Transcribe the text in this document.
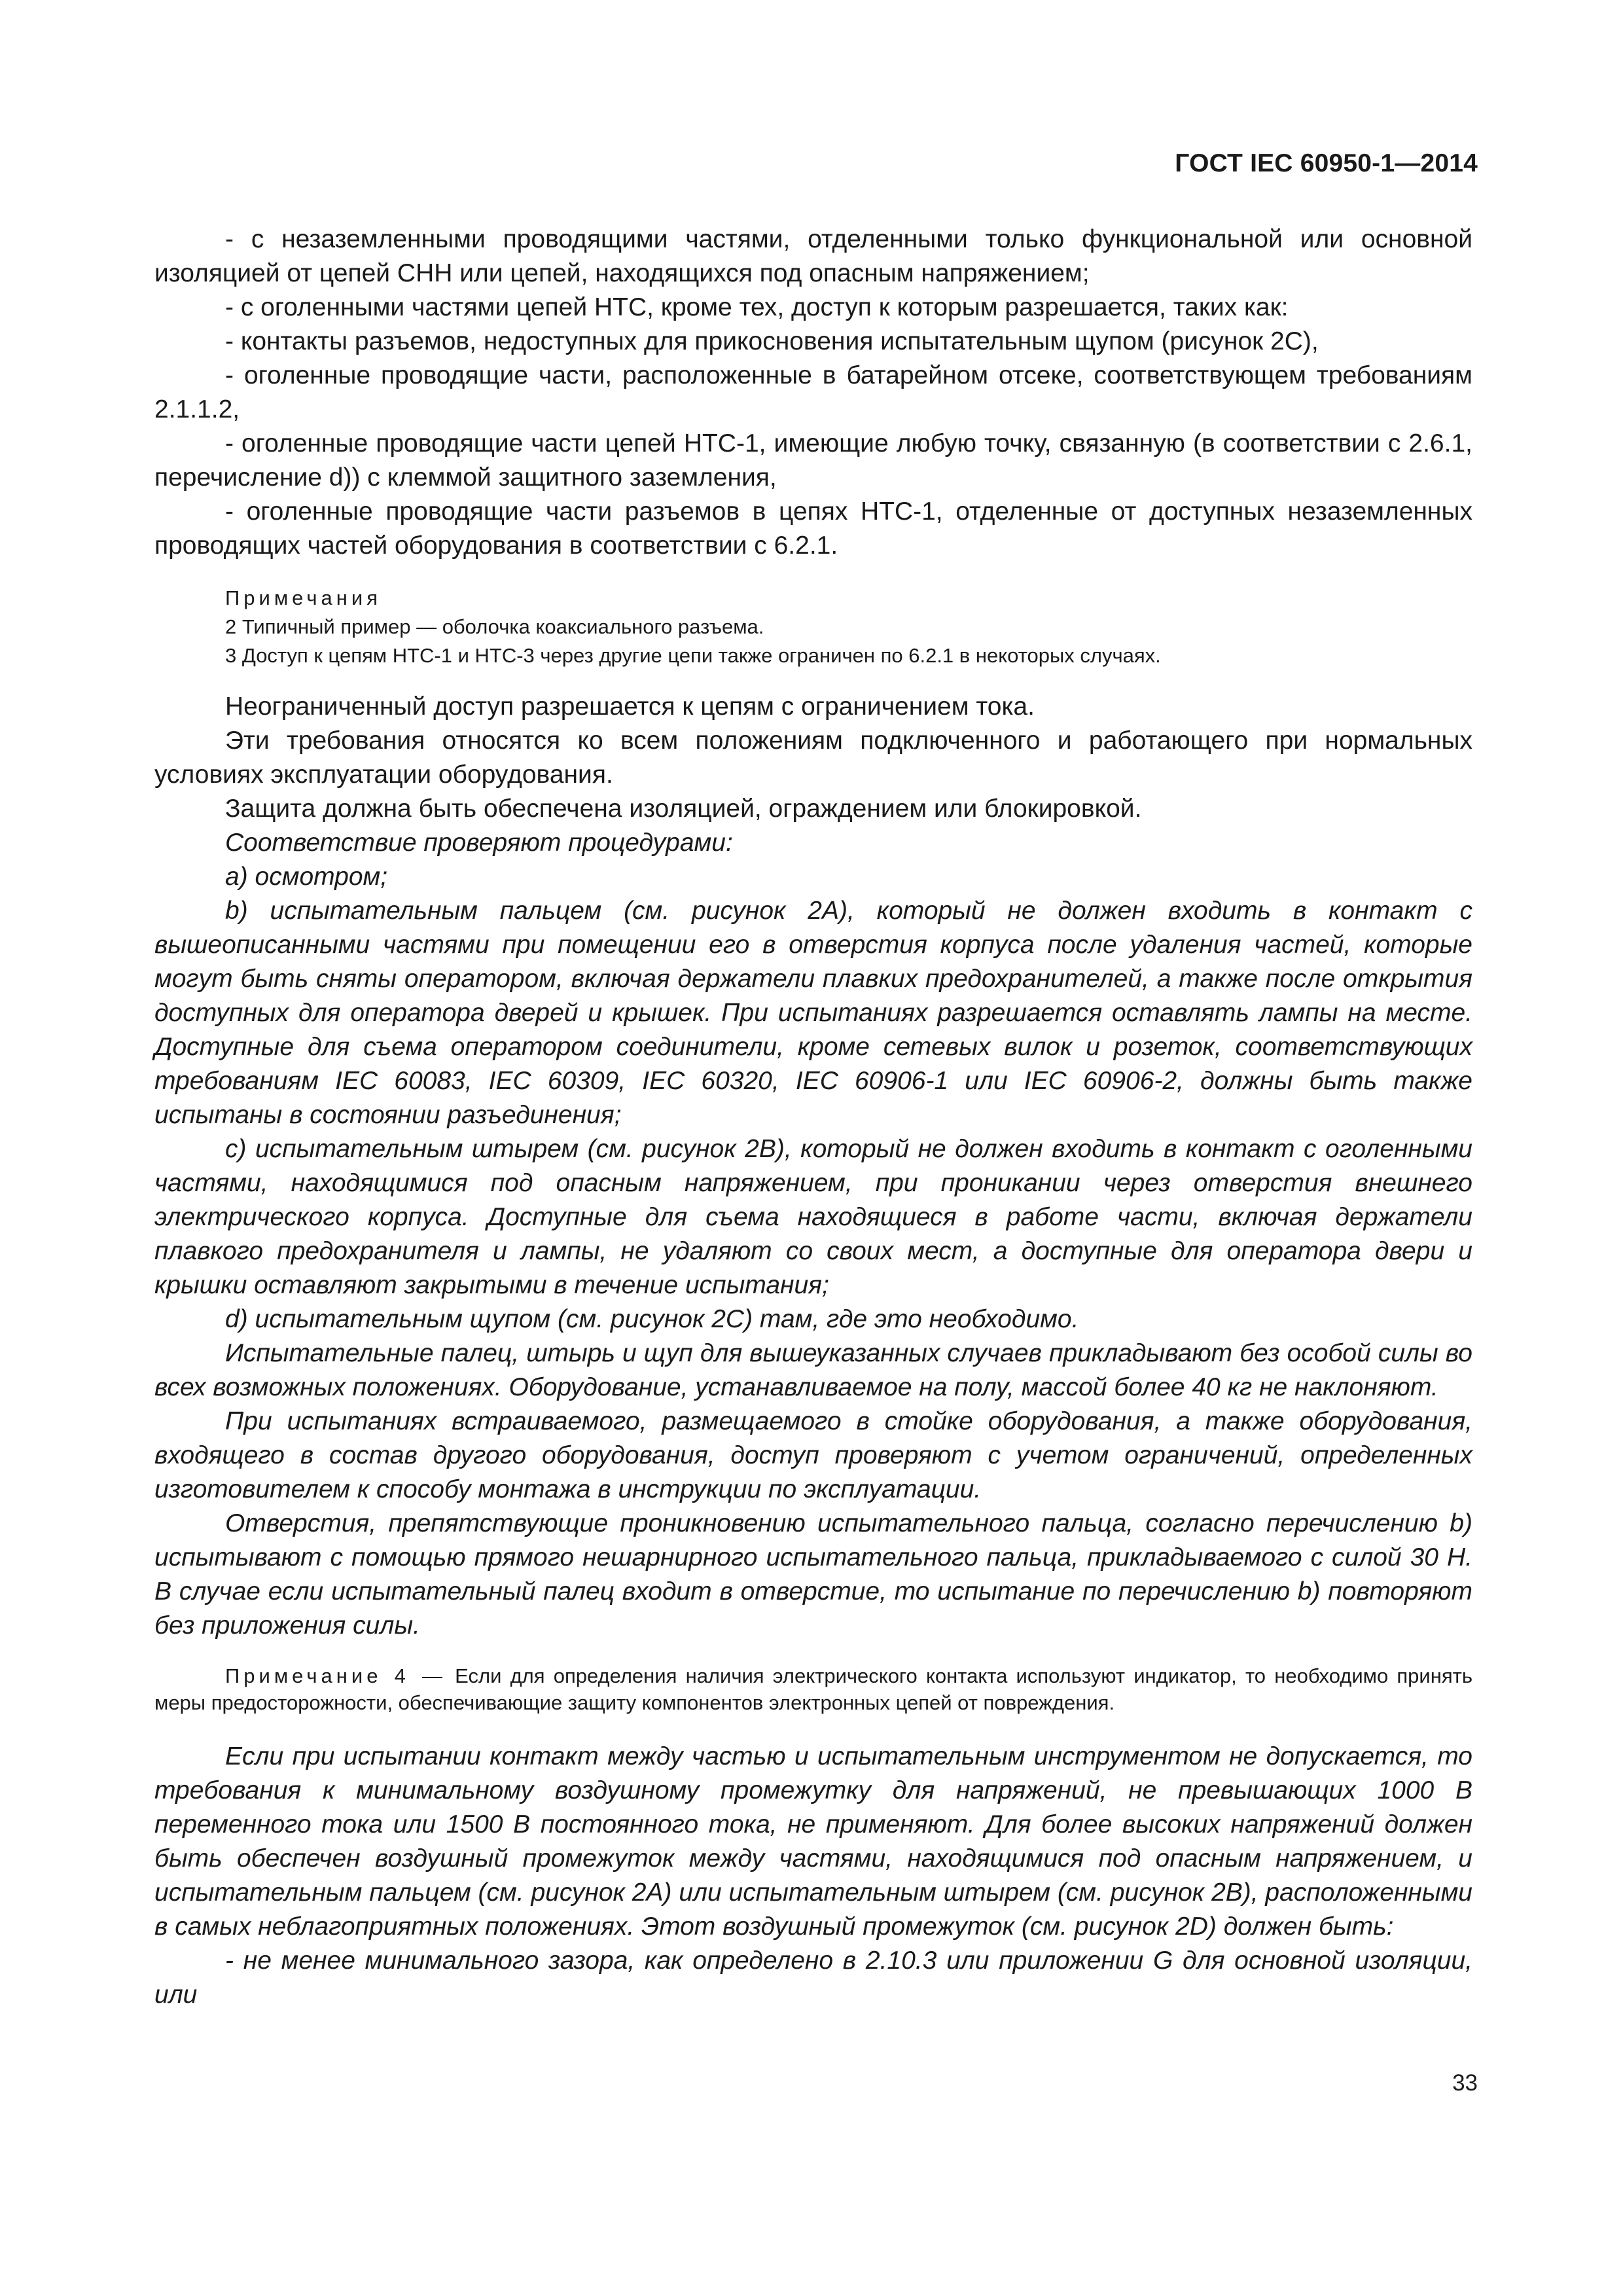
ГОСТ IEC 60950-1—2014

- с незаземленными проводящими частями, отделенными только функциональной или основной изоляцией от цепей СНН или цепей, находящихся под опасным напряжением;

- с оголенными частями цепей НТС, кроме тех, доступ к которым разрешается, таких как:

- контакты разъемов, недоступных для прикосновения испытательным щупом (рисунок 2С),

- оголенные проводящие части, расположенные в батарейном отсеке, соответствующем требованиям 2.1.1.2,

- оголенные проводящие части цепей НТС-1, имеющие любую точку, связанную (в соответствии с 2.6.1, перечисление d)) с клеммой защитного заземления,

- оголенные проводящие части разъемов в цепях НТС-1, отделенные от доступных незаземленных проводящих частей оборудования в соответствии с 6.2.1.

Примечания

2 Типичный пример — оболочка коаксиального разъема.

3 Доступ к цепям НТС-1 и НТС-3 через другие цепи также ограничен по 6.2.1 в некоторых случаях.

Неограниченный доступ разрешается к цепям с ограничением тока.

Эти требования относятся ко всем положениям подключенного и работающего при нормальных условиях эксплуатации оборудования.

Защита должна быть обеспечена изоляцией, ограждением или блокировкой.

Соответствие проверяют процедурами:

a) осмотром;

b) испытательным пальцем (см. рисунок 2А), который не должен входить в контакт с вышеописанными частями при помещении его в отверстия корпуса после удаления частей, которые могут быть сняты оператором, включая держатели плавких предохранителей, а также после открытия доступных для оператора дверей и крышек. При испытаниях разрешается оставлять лампы на месте. Доступные для съема оператором соединители, кроме сетевых вилок и розеток, соответствующих требованиям IEC 60083, IEC 60309, IEC 60320, IEC 60906-1 или IEC 60906-2, должны быть также испытаны в состоянии разъединения;

c) испытательным штырем (см. рисунок 2В), который не должен входить в контакт с оголенными частями, находящимися под опасным напряжением, при проникании через отверстия внешнего электрического корпуса. Доступные для съема находящиеся в работе части, включая держатели плавкого предохранителя и лампы, не удаляют со своих мест, а доступные для оператора двери и крышки оставляют закрытыми в течение испытания;

d) испытательным щупом (см. рисунок 2С) там, где это необходимо.

Испытательные палец, штырь и щуп для вышеуказанных случаев прикладывают без особой силы во всех возможных положениях. Оборудование, устанавливаемое на полу, массой более 40 кг не наклоняют.

При испытаниях встраиваемого, размещаемого в стойке оборудования, а также оборудования, входящего в состав другого оборудования, доступ проверяют с учетом ограничений, определенных изготовителем к способу монтажа в инструкции по эксплуатации.

Отверстия, препятствующие проникновению испытательного пальца, согласно перечислению b) испытывают с помощью прямого нешарнирного испытательного пальца, прикладываемого с силой 30 Н. В случае если испытательный палец входит в отверстие, то испытание по перечислению b) повторяют без приложения силы.

Примечание 4 — Если для определения наличия электрического контакта используют индикатор, то необходимо принять меры предосторожности, обеспечивающие защиту компонентов электронных цепей от повреждения.

Если при испытании контакт между частью и испытательным инструментом не допускается, то требования к минимальному воздушному промежутку для напряжений, не превышающих 1000 В переменного тока или 1500 В постоянного тока, не применяют. Для более высоких напряжений должен быть обеспечен воздушный промежуток между частями, находящимися под опасным напряжением, и испытательным пальцем (см. рисунок 2А) или испытательным штырем (см. рисунок 2В), расположенными в самых неблагоприятных положениях. Этот воздушный промежуток (см. рисунок 2D) должен быть:

- не менее минимального зазора, как определено в 2.10.3 или приложении G для основной изоляции, или

33
